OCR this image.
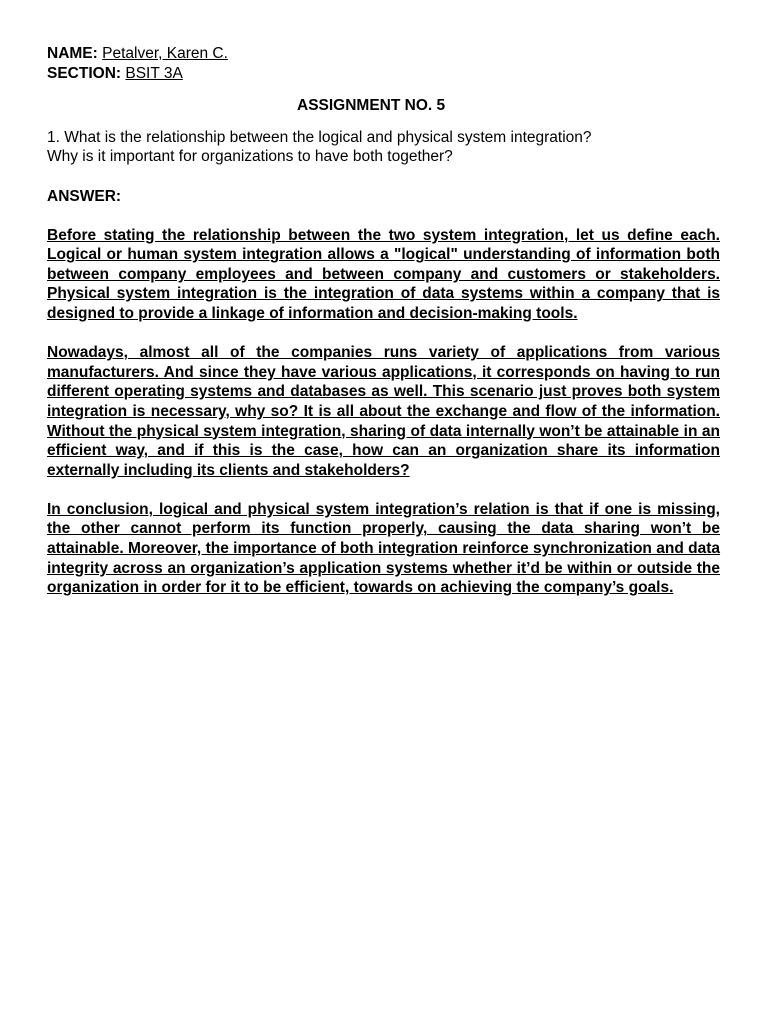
NAME: Petalver, Karen C.
SECTION: BSIT 3A
ASSIGNMENT NO. 5
1. What is the relationship between the logical and physical system integration?
Why is it important for organizations to have both together?
ANSWER:

Before stating the relationship between the two system integration, let us define each. Logical or human system integration allows a "logical" understanding of information both between company employees and between company and customers or stakeholders. Physical system integration is the integration of data systems within a company that is designed to provide a linkage of information and decision-making tools.

Nowadays, almost all of the companies runs variety of applications from various manufacturers. And since they have various applications, it corresponds on having to run different operating systems and databases as well. This scenario just proves both system integration is necessary, why so? It is all about the exchange and flow of the information. Without the physical system integration, sharing of data internally won’t be attainable in an efficient way, and if this is the case, how can an organization share its information externally including its clients and stakeholders?

In conclusion, logical and physical system integration’s relation is that if one is missing, the other cannot perform its function properly, causing the data sharing won’t be attainable. Moreover, the importance of both integration reinforce synchronization and data integrity across an organization’s application systems whether it’d be within or outside the organization in order for it to be efficient, towards on achieving the company’s goals.
